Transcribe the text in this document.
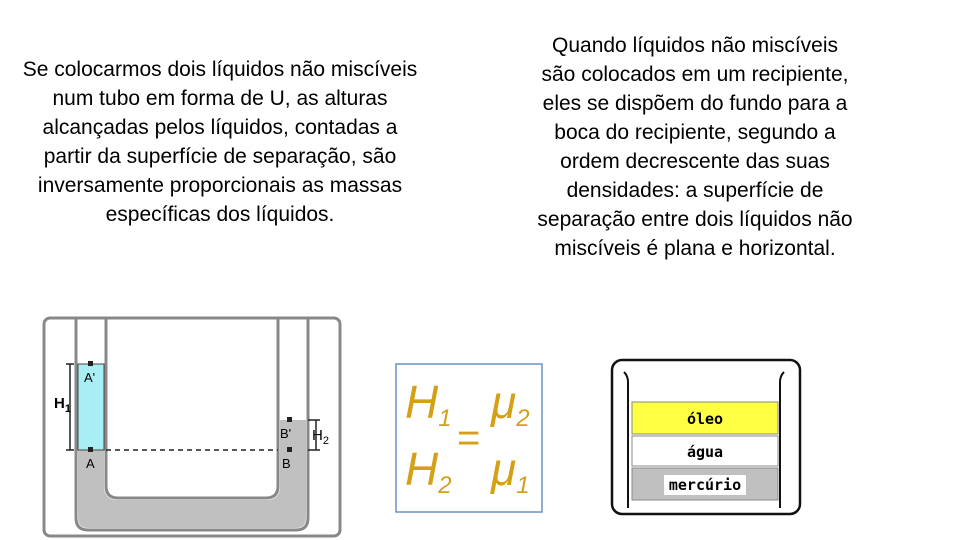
Se colocarmos dois líquidos não miscíveis num tubo em forma de U, as alturas alcançadas pelos líquidos, contadas a partir da superfície de separação, são inversamente proporcionais as massas específicas dos líquidos.

Quando líquidos não miscíveis são colocados em um recipiente, eles se dispõem do fundo para a boca do recipiente, segundo a ordem decrescente das suas densidades: a superfície de separação entre dois líquidos não miscíveis é plana e horizontal.

A'
A
$H_1$
B'
B
$H_2$
H1
H2
μ2
μ1
=	óleo
água
mercúrio
